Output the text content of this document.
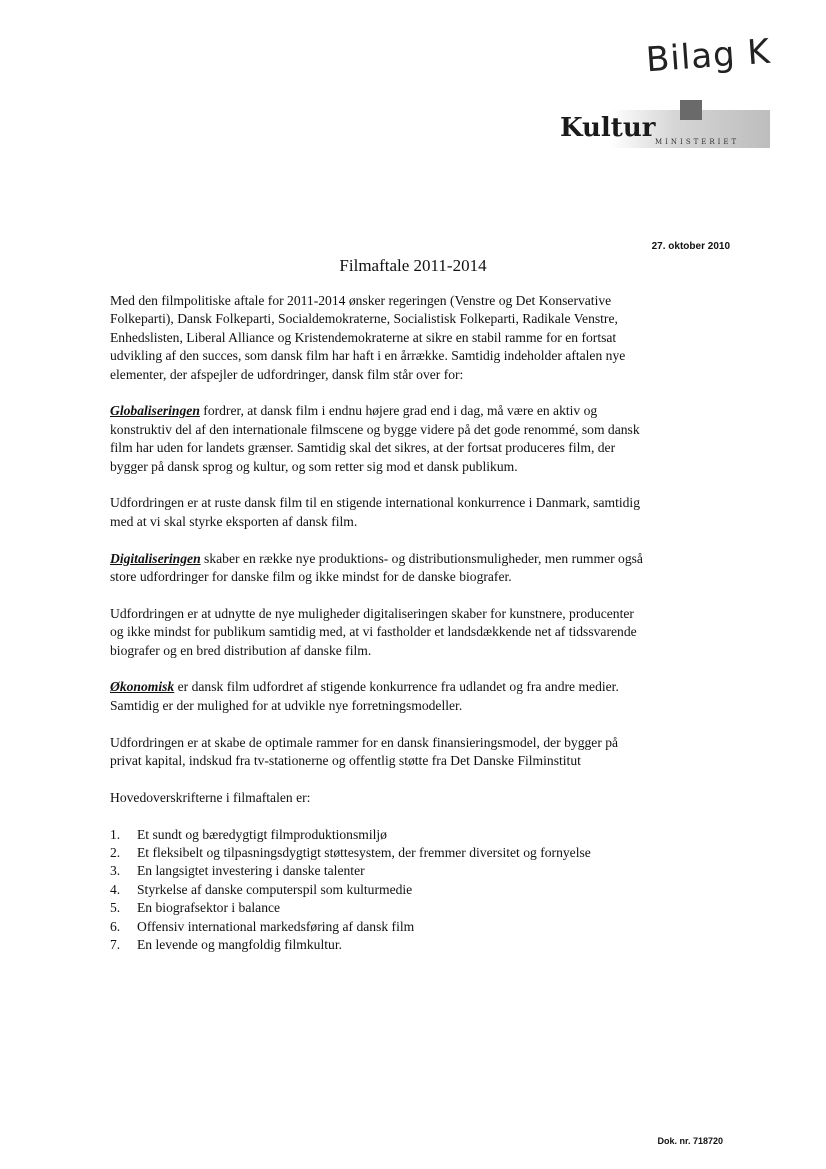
Bilag K
Kultur MINISTERIET
27. oktober 2010
Filmaftale 2011-2014

Med den filmpolitiske aftale for 2011-2014 ønsker regeringen (Venstre og Det Konservative Folkeparti), Dansk Folkeparti, Socialdemokraterne, Socialistisk Folkeparti, Radikale Venstre, Enhedslisten, Liberal Alliance og Kristendemokraterne at sikre en stabil ramme for en fortsat udvikling af den succes, som dansk film har haft i en årrække. Samtidig indeholder aftalen nye elementer, der afspejler de udfordringer, dansk film står over for:

Globaliseringen fordrer, at dansk film i endnu højere grad end i dag, må være en aktiv og konstruktiv del af den internationale filmscene og bygge videre på det gode renommé, som dansk film har uden for landets grænser. Samtidig skal det sikres, at der fortsat produceres film, der bygger på dansk sprog og kultur, og som retter sig mod et dansk publikum.

Udfordringen er at ruste dansk film til en stigende international konkurrence i Danmark, samtidig med at vi skal styrke eksporten af dansk film.

Digitaliseringen skaber en række nye produktions- og distributionsmuligheder, men rummer også store udfordringer for danske film og ikke mindst for de danske biografer.

Udfordringen er at udnytte de nye muligheder digitaliseringen skaber for kunstnere, producenter og ikke mindst for publikum samtidig med, at vi fastholder et landsdækkende net af tidssvarende biografer og en bred distribution af danske film.

Økonomisk er dansk film udfordret af stigende konkurrence fra udlandet og fra andre medier. Samtidig er der mulighed for at udvikle nye forretningsmodeller.

Udfordringen er at skabe de optimale rammer for en dansk finansieringsmodel, der bygger på privat kapital, indskud fra tv-stationerne og offentlig støtte fra Det Danske Filminstitut

Hovedoverskrifterne i filmaftalen er:

1. Et sundt og bæredygtigt filmproduktionsmiljø
2. Et fleksibelt og tilpasningsdygtigt støttesystem, der fremmer diversitet og fornyelse
3. En langsigtet investering i danske talenter
4. Styrkelse af danske computerspil som kulturmedie
5. En biografsektor i balance
6. Offensiv international markedsføring af dansk film
7. En levende og mangfoldig filmkultur.
Dok. nr. 718720
